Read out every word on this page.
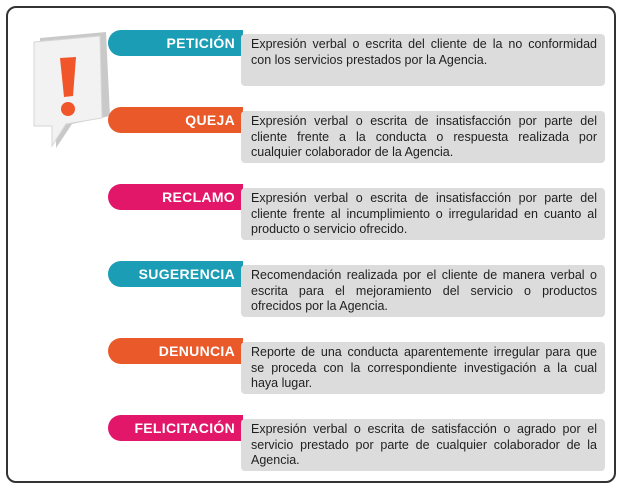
PETICIÓN	Expresión verbal o escrita del cliente de la no conformidad con los servicios prestados por la Agencia.
QUEJA	Expresión verbal o escrita de insatisfacción por parte del cliente frente a la conducta o respuesta realizada por cualquier colaborador de la Agencia.
RECLAMO	Expresión verbal o escrita de insatisfacción por parte del cliente frente al incumplimiento o irregularidad en cuanto al producto o servicio ofrecido.
SUGERENCIA	Recomendación realizada por el cliente de manera verbal o escrita para el mejoramiento del servicio o productos ofrecidos por la Agencia.
DENUNCIA	Reporte de una conducta aparentemente irregular para que se proceda con la correspondiente investigación a la cual haya lugar.
FELICITACIÓN	Expresión verbal o escrita de satisfacción o agrado por el servicio prestado por parte de cualquier colaborador de la Agencia.
